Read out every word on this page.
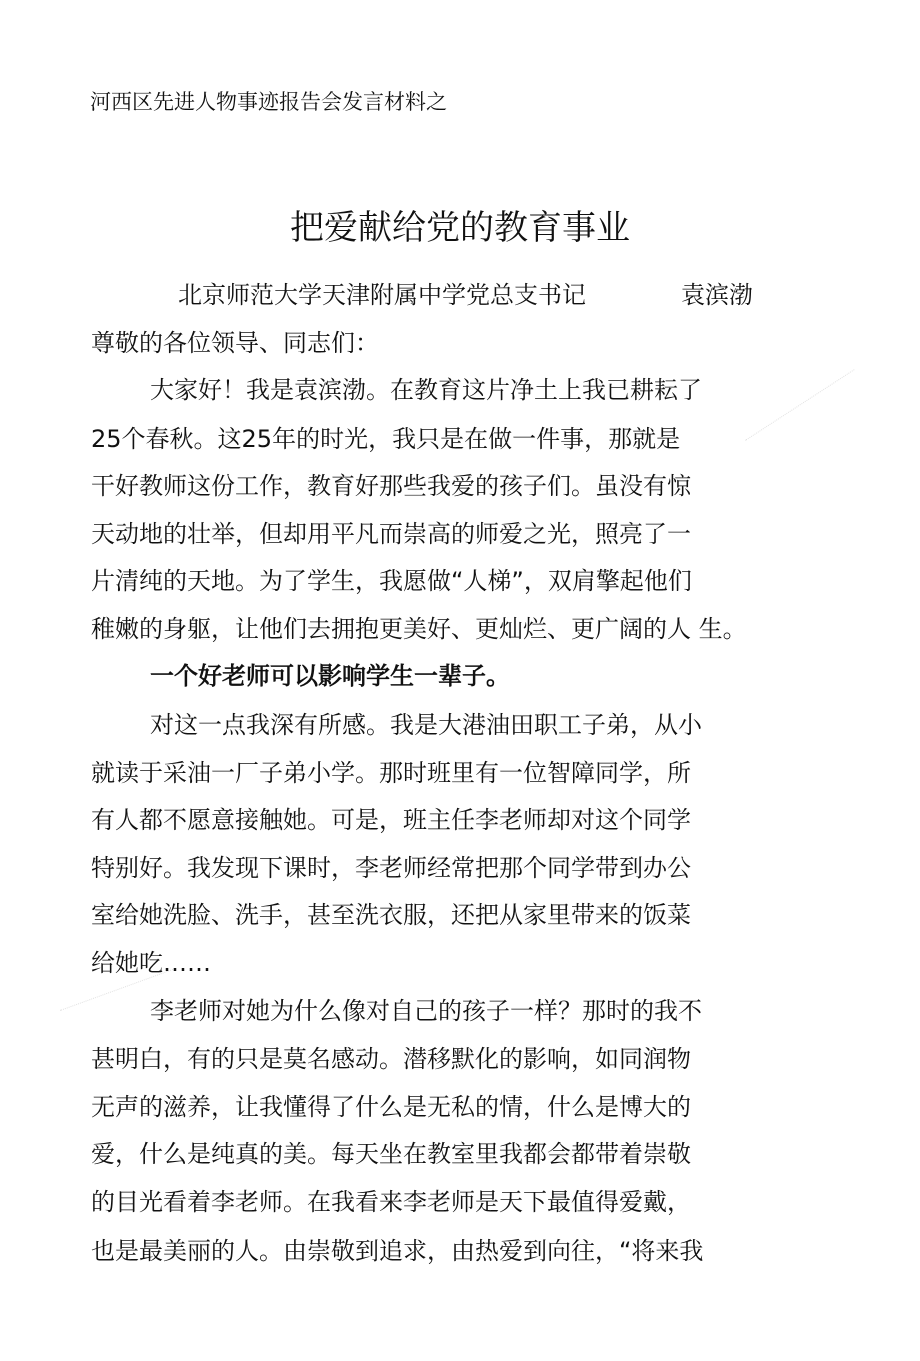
河西区先进人物事迹报告会发言材料之
把爱献给党的教育事业
北京师范大学天津附属中学党总支书记	袁滨渤
尊敬的各位领导、同志们：
大家好！我是袁滨渤。在教育这片净土上我已耕耘了
25个春秋。这25年的时光，我只是在做一件事，那就是
干好教师这份工作，教育好那些我爱的孩子们。虽没有惊
天动地的壮举，但却用平凡而崇高的师爱之光，照亮了一
片清纯的天地。为了学生，我愿做“人梯”，双肩擎起他们
稚嫩的身躯，让他们去拥抱更美好、更灿烂、更广阔的人 生。
一个好老师可以影响学生一辈子。
对这一点我深有所感。我是大港油田职工子弟，从小
就读于采油一厂子弟小学。那时班里有一位智障同学，所
有人都不愿意接触她。可是，班主任李老师却对这个同学
特别好。我发现下课时，李老师经常把那个同学带到办公
室给她洗脸、洗手，甚至洗衣服，还把从家里带来的饭菜
给她吃……
李老师对她为什么像对自己的孩子一样？那时的我不
甚明白，有的只是莫名感动。潜移默化的影响，如同润物
无声的滋养，让我懂得了什么是无私的情，什么是博大的
爱，什么是纯真的美。每天坐在教室里我都会都带着崇敬
的目光看着李老师。在我看来李老师是天下最值得爱戴，
也是最美丽的人。由崇敬到追求，由热爱到向往，“将来我
